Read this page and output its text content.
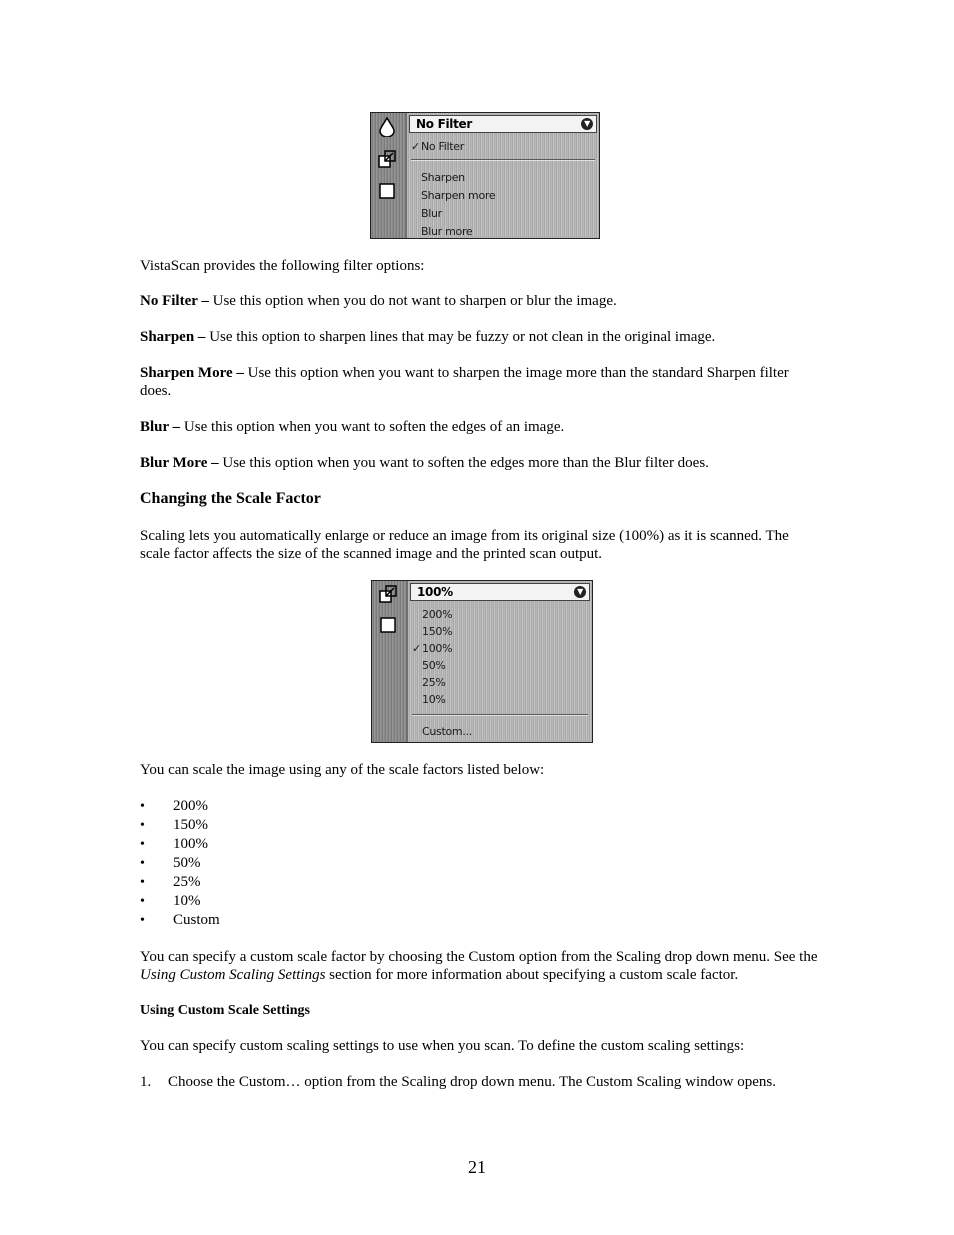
No Filter	▼
✓ No Filter
Sharpen
Sharpen more
Blur
Blur more

VistaScan provides the following filter options:

No Filter – Use this option when you do not want to sharpen or blur the image.

Sharpen – Use this option to sharpen lines that may be fuzzy or not clean in the original image.

Sharpen More – Use this option when you want to sharpen the image more than the standard Sharpen filter does.

Blur – Use this option when you want to soften the edges of an image.

Blur More – Use this option when you want to soften the edges more than the Blur filter does.

Changing the Scale Factor

Scaling lets you automatically enlarge or reduce an image from its original size (100%) as it is scanned. The scale factor affects the size of the scanned image and the printed scan output.

100%	▼
200%
150%
✓ 100%
50%
25%
10%
Custom...

You can scale the image using any of the scale factors listed below:

• 200%
• 150%
• 100%
• 50%
• 25%
• 10%
• Custom

You can specify a custom scale factor by choosing the Custom option from the Scaling drop down menu. See the Using Custom Scaling Settings section for more information about specifying a custom scale factor.

Using Custom Scale Settings

You can specify custom scaling settings to use when you scan. To define the custom scaling settings:

1. Choose the Custom… option from the Scaling drop down menu. The Custom Scaling window opens.

21
